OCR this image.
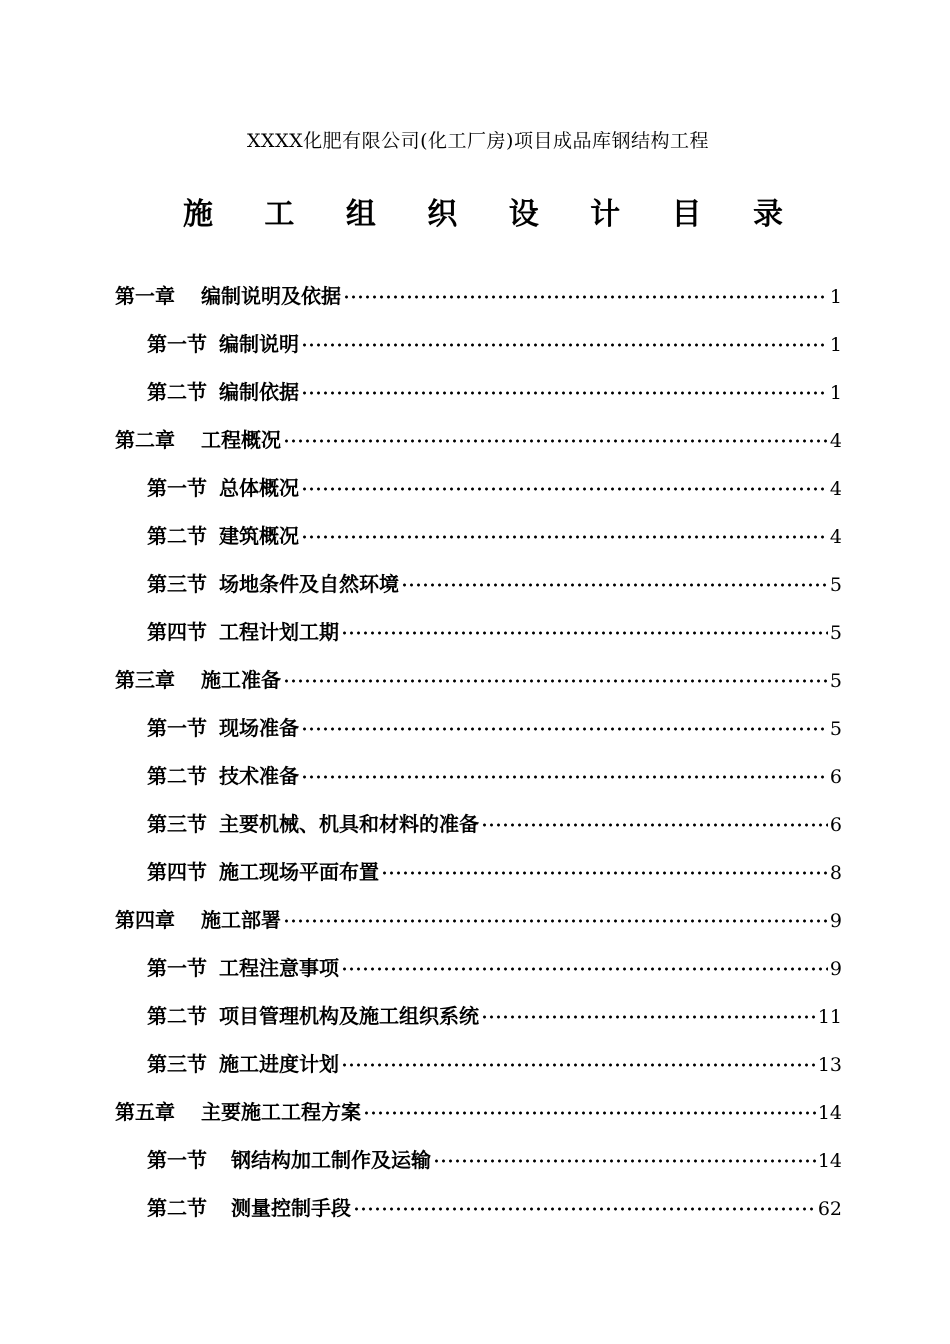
XXXX化肥有限公司(化工厂房)项目成品库钢结构工程
施 工 组 织 设 计 目 录
第一章 编制说明及依据	1
第一节 编制说明	1
第二节 编制依据	1
第二章 工程概况	4
第一节 总体概况	4
第二节 建筑概况	4
第三节 场地条件及自然环境	5
第四节 工程计划工期	5
第三章 施工准备	5
第一节 现场准备	5
第二节 技术准备	6
第三节 主要机械、机具和材料的准备	6
第四节 施工现场平面布置	8
第四章 施工部署	9
第一节 工程注意事项	9
第二节 项目管理机构及施工组织系统	11
第三节 施工进度计划	13
第五章 主要施工工程方案	14
第一节 钢结构加工制作及运输	14
第二节 测量控制手段	62
